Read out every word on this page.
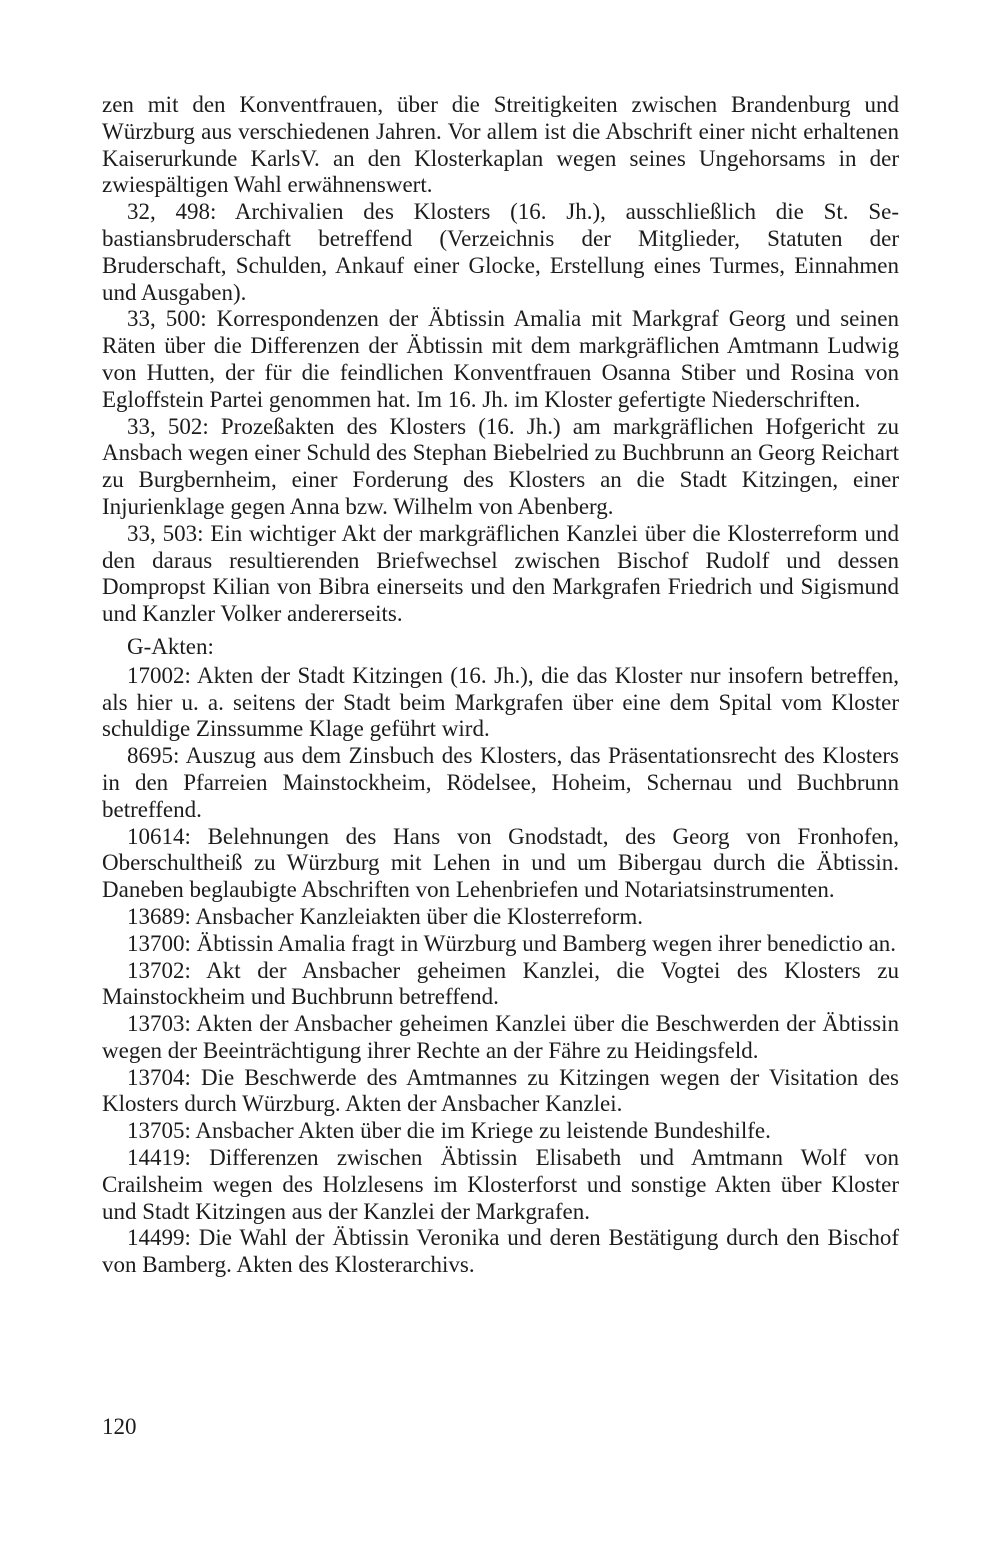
zen mit den Konventfrauen, über die Streitigkeiten zwischen Brandenburg und Würzburg aus verschiedenen Jahren. Vor allem ist die Abschrift einer nicht erhaltenen Kaiserurkunde KarlsV. an den Klosterkaplan wegen seines Ungehorsams in der zwiespältigen Wahl erwähnenswert.

32, 498: Archivalien des Klosters (16. Jh.), ausschließlich die St. Sebastiansbruderschaft betreffend (Verzeichnis der Mitglieder, Statuten der Bruderschaft, Schulden, Ankauf einer Glocke, Erstellung eines Turmes, Einnahmen und Ausgaben).

33, 500: Korrespondenzen der Äbtissin Amalia mit Markgraf Georg und seinen Räten über die Differenzen der Äbtissin mit dem markgräflichen Amtmann Ludwig von Hutten, der für die feindlichen Konventfrauen Osanna Stiber und Rosina von Egloffstein Partei genommen hat. Im 16. Jh. im Kloster gefertigte Niederschriften.

33, 502: Prozeßakten des Klosters (16. Jh.) am markgräflichen Hofgericht zu Ansbach wegen einer Schuld des Stephan Biebelried zu Buchbrunn an Georg Reichart zu Burgbernheim, einer Forderung des Klosters an die Stadt Kitzingen, einer Injurienklage gegen Anna bzw. Wilhelm von Abenberg.

33, 503: Ein wichtiger Akt der markgräflichen Kanzlei über die Klosterreform und den daraus resultierenden Briefwechsel zwischen Bischof Rudolf und dessen Dompropst Kilian von Bibra einerseits und den Markgrafen Friedrich und Sigismund und Kanzler Volker andererseits.

G-Akten:

17002: Akten der Stadt Kitzingen (16. Jh.), die das Kloster nur insofern betreffen, als hier u. a. seitens der Stadt beim Markgrafen über eine dem Spital vom Kloster schuldige Zinssumme Klage geführt wird.

8695: Auszug aus dem Zinsbuch des Klosters, das Präsentationsrecht des Klosters in den Pfarreien Mainstockheim, Rödelsee, Hoheim, Schernau und Buchbrunn betreffend.

10614: Belehnungen des Hans von Gnodstadt, des Georg von Fronhofen, Oberschultheiß zu Würzburg mit Lehen in und um Bibergau durch die Äbtissin. Daneben beglaubigte Abschriften von Lehenbriefen und Notariatsinstrumenten.

13689: Ansbacher Kanzleiakten über die Klosterreform.

13700: Äbtissin Amalia fragt in Würzburg und Bamberg wegen ihrer benedictio an.

13702: Akt der Ansbacher geheimen Kanzlei, die Vogtei des Klosters zu Mainstockheim und Buchbrunn betreffend.

13703: Akten der Ansbacher geheimen Kanzlei über die Beschwerden der Äbtissin wegen der Beeinträchtigung ihrer Rechte an der Fähre zu Heidingsfeld.

13704: Die Beschwerde des Amtmannes zu Kitzingen wegen der Visitation des Klosters durch Würzburg. Akten der Ansbacher Kanzlei.

13705: Ansbacher Akten über die im Kriege zu leistende Bundeshilfe.

14419: Differenzen zwischen Äbtissin Elisabeth und Amtmann Wolf von Crailsheim wegen des Holzlesens im Klosterforst und sonstige Akten über Kloster und Stadt Kitzingen aus der Kanzlei der Markgrafen.

14499: Die Wahl der Äbtissin Veronika und deren Bestätigung durch den Bischof von Bamberg. Akten des Klosterarchivs.

120
